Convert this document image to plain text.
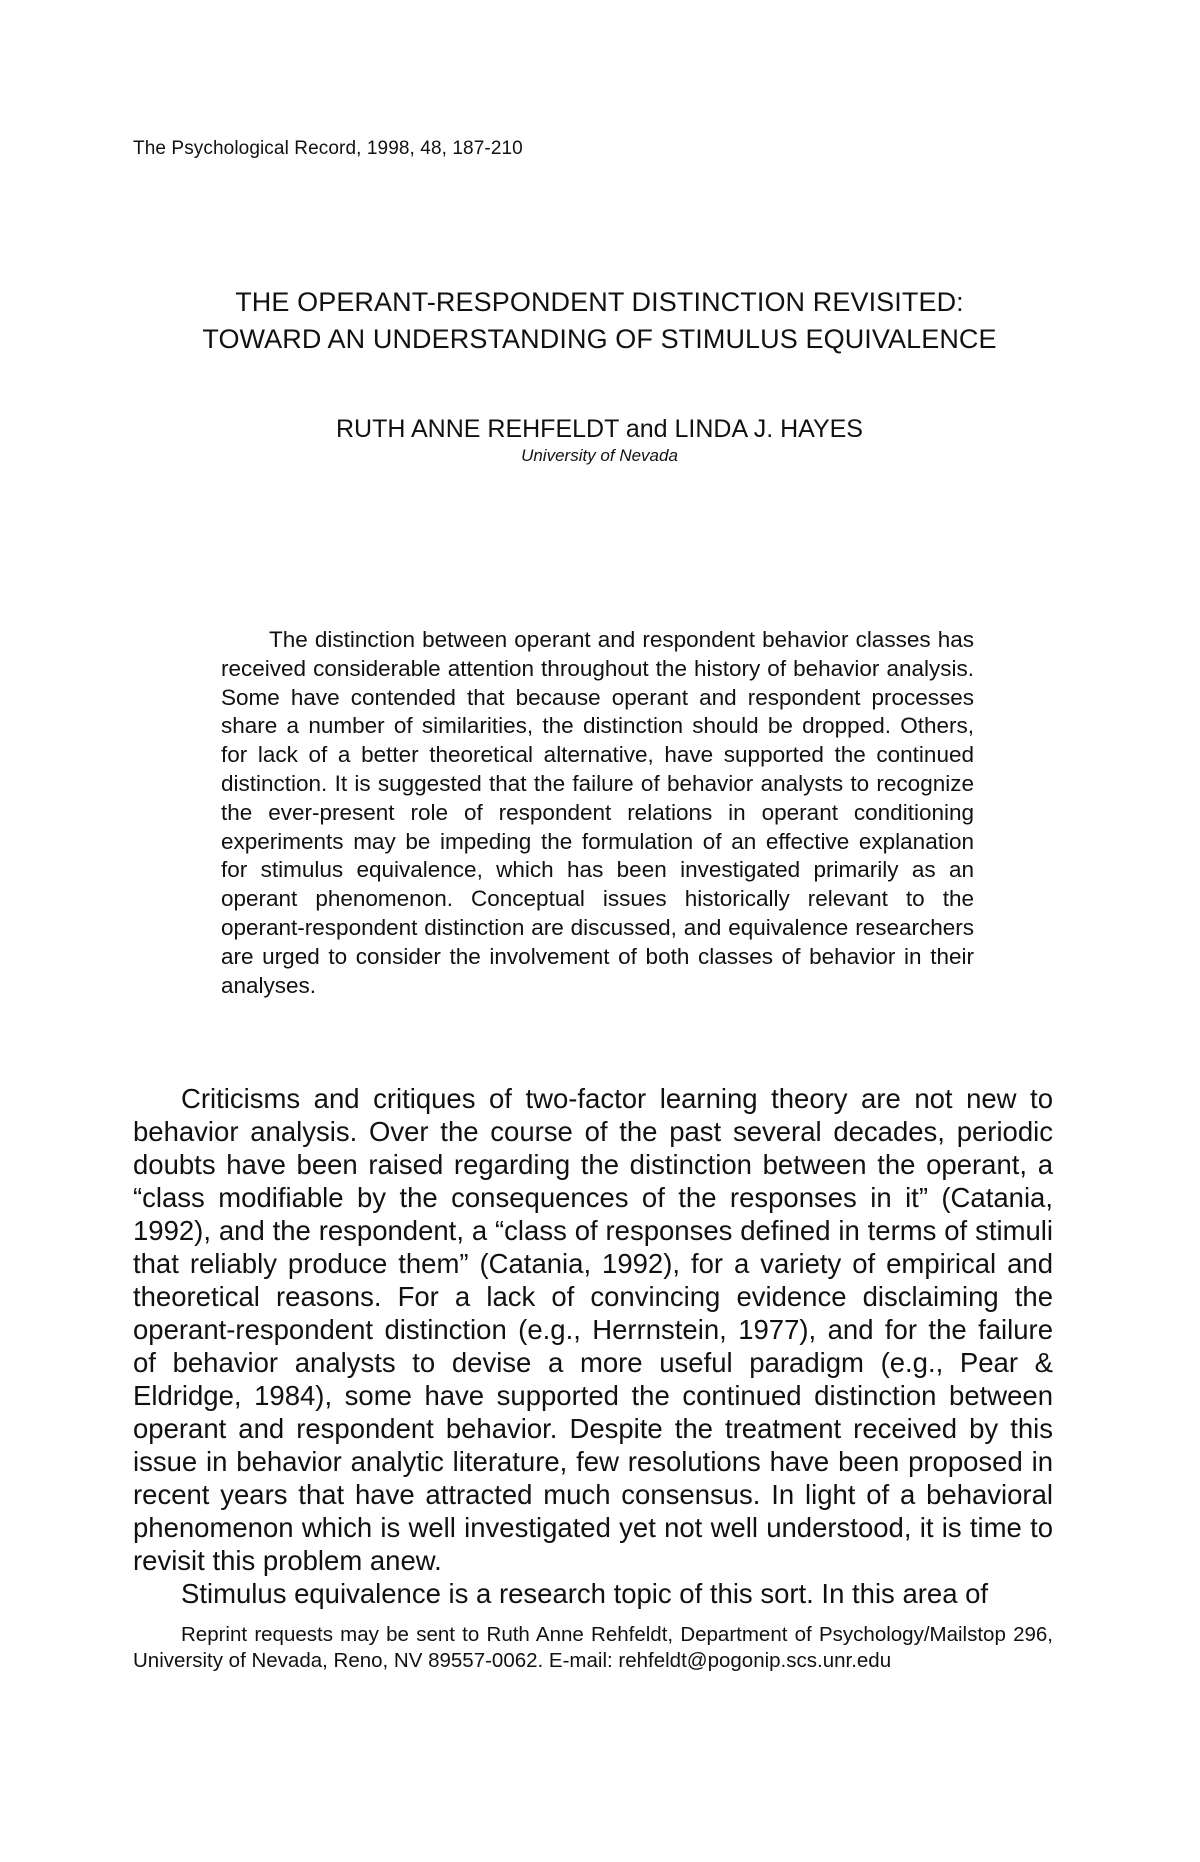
The Psychological Record, 1998, 48, 187-210
THE OPERANT-RESPONDENT DISTINCTION REVISITED:
TOWARD AN UNDERSTANDING OF STIMULUS EQUIVALENCE
RUTH ANNE REHFELDT and LINDA J. HAYES
University of Nevada
The distinction between operant and respondent behavior classes has received considerable attention throughout the history of behavior analysis. Some have contended that because operant and respondent processes share a number of similarities, the distinction should be dropped. Others, for lack of a better theoretical alternative, have supported the continued distinction. It is suggested that the failure of behavior analysts to recognize the ever-present role of respondent relations in operant conditioning experiments may be impeding the formulation of an effective explanation for stimulus equivalence, which has been investigated primarily as an operant phenomenon. Conceptual issues historically relevant to the operant-respondent distinction are discussed, and equivalence researchers are urged to consider the involvement of both classes of behavior in their analyses.

Criticisms and critiques of two-factor learning theory are not new to behavior analysis. Over the course of the past several decades, periodic doubts have been raised regarding the distinction between the operant, a “class modifiable by the consequences of the responses in it” (Catania, 1992), and the respondent, a “class of responses defined in terms of stimuli that reliably produce them” (Catania, 1992), for a variety of empirical and theoretical reasons. For a lack of convincing evidence disclaiming the operant-respondent distinction (e.g., Herrnstein, 1977), and for the failure of behavior analysts to devise a more useful paradigm (e.g., Pear & Eldridge, 1984), some have supported the continued distinction between operant and respondent behavior. Despite the treatment received by this issue in behavior analytic literature, few resolutions have been proposed in recent years that have attracted much consensus. In light of a behavioral phenomenon which is well investigated yet not well understood, it is time to revisit this problem anew.

Stimulus equivalence is a research topic of this sort. In this area of

Reprint requests may be sent to Ruth Anne Rehfeldt, Department of Psychology/Mailstop 296, University of Nevada, Reno, NV 89557-0062. E-mail: rehfeldt@pogonip.scs.unr.edu
